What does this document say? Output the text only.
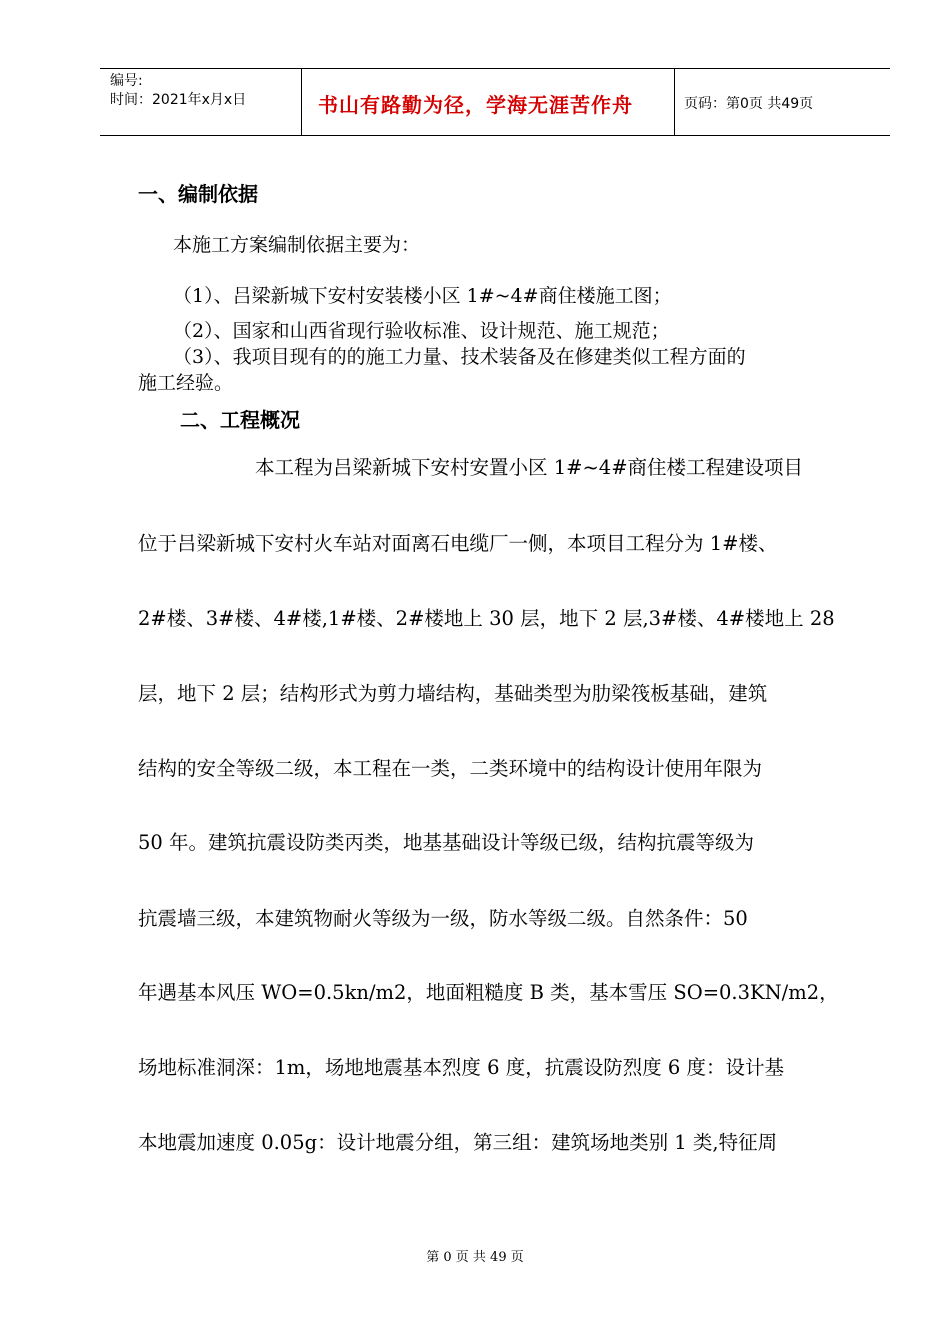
编号:
时间：2021年x月x日	书山有路勤为径，学海无涯苦作舟	页码：第0页 共49页
一、编制依据
本施工方案编制依据主要为：
（1）、吕梁新城下安村安装楼小区 1#~4#商住楼施工图；
（2）、国家和山西省现行验收标准、设计规范、施工规范；
（3）、我项目现有的的施工力量、技术装备及在修建类似工程方面的
施工经验。
二、工程概况
本工程为吕梁新城下安村安置小区 1#~4#商住楼工程建设项目
位于吕梁新城下安村火车站对面离石电缆厂一侧，本项目工程分为 1#楼、
2#楼、3#楼、4#楼,1#楼、2#楼地上 30 层，地下 2 层,3#楼、4#楼地上 28
层，地下 2 层；结构形式为剪力墙结构，基础类型为肋梁筏板基础，建筑
结构的安全等级二级，本工程在一类，二类环境中的结构设计使用年限为
50 年。建筑抗震设防类丙类，地基基础设计等级已级，结构抗震等级为
抗震墙三级，本建筑物耐火等级为一级，防水等级二级。自然条件：50
年遇基本风压 WO=0.5kn/m2，地面粗糙度 B 类，基本雪压 SO=0.3KN/m2，
场地标准洞深：1m，场地地震基本烈度 6 度，抗震设防烈度 6 度：设计基
本地震加速度 0.05g：设计地震分组，第三组：建筑场地类别 1 类,特征周
第 0 页 共 49 页
